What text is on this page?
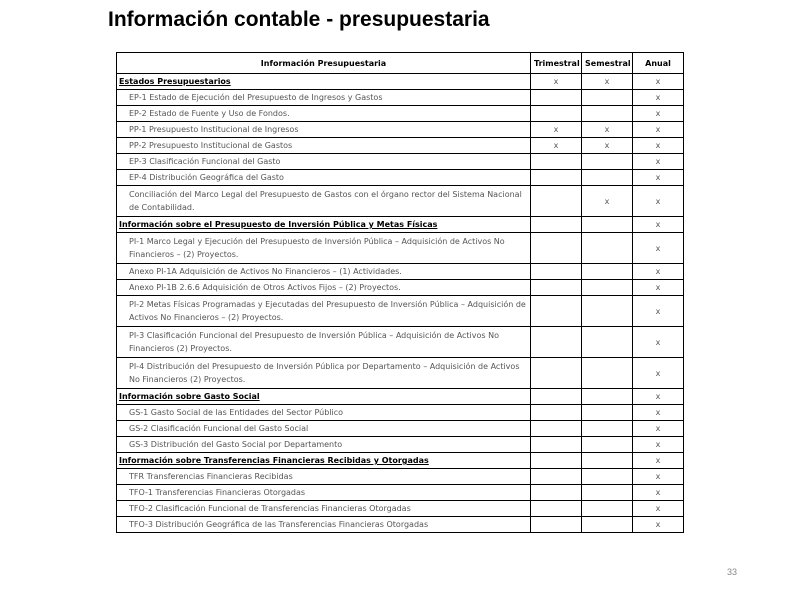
Información contable - presupuestaria
Información Presupuestaria	Trimestral	Semestral	Anual
Estados Presupuestarios	x	x	x
EP-1 Estado de Ejecución del Presupuesto de Ingresos y Gastos			x
EP-2 Estado de Fuente y Uso de Fondos.			x
PP-1 Presupuesto Institucional de Ingresos	x	x	x
PP-2 Presupuesto Institucional de Gastos	x	x	x
EP-3 Clasificación Funcional del Gasto			x
EP-4 Distribución Geográfica del Gasto			x
Conciliación del Marco Legal del Presupuesto de Gastos con el órgano rector del Sistema Nacional de Contabilidad.		x	x
Información sobre el Presupuesto de Inversión Pública y Metas Físicas			x
PI-1 Marco Legal y Ejecución del Presupuesto de Inversión Pública – Adquisición de Activos No Financieros – (2) Proyectos.			x
Anexo PI-1A Adquisición de Activos No Financieros – (1) Actividades.			x
Anexo PI-1B 2.6.6 Adquisición de Otros Activos Fijos – (2) Proyectos.			x
PI-2 Metas Físicas Programadas y Ejecutadas del Presupuesto de Inversión Pública – Adquisición de Activos No Financieros – (2) Proyectos.			x
PI-3 Clasificación Funcional del Presupuesto de Inversión Pública – Adquisición de Activos No Financieros (2) Proyectos.			x
PI-4 Distribución del Presupuesto de Inversión Pública por Departamento – Adquisición de Activos No Financieros (2) Proyectos.			x
Información sobre Gasto Social			x
GS-1 Gasto Social de las Entidades del Sector Público			x
GS-2 Clasificación Funcional del Gasto Social			x
GS-3 Distribución del Gasto Social por Departamento			x
Información sobre Transferencias Financieras Recibidas y Otorgadas			x
TFR Transferencias Financieras Recibidas			x
TFO-1 Transferencias Financieras Otorgadas			x
TFO-2 Clasificación Funcional de Transferencias Financieras Otorgadas			x
TFO-3 Distribución Geográfica de las Transferencias Financieras Otorgadas			x
33
